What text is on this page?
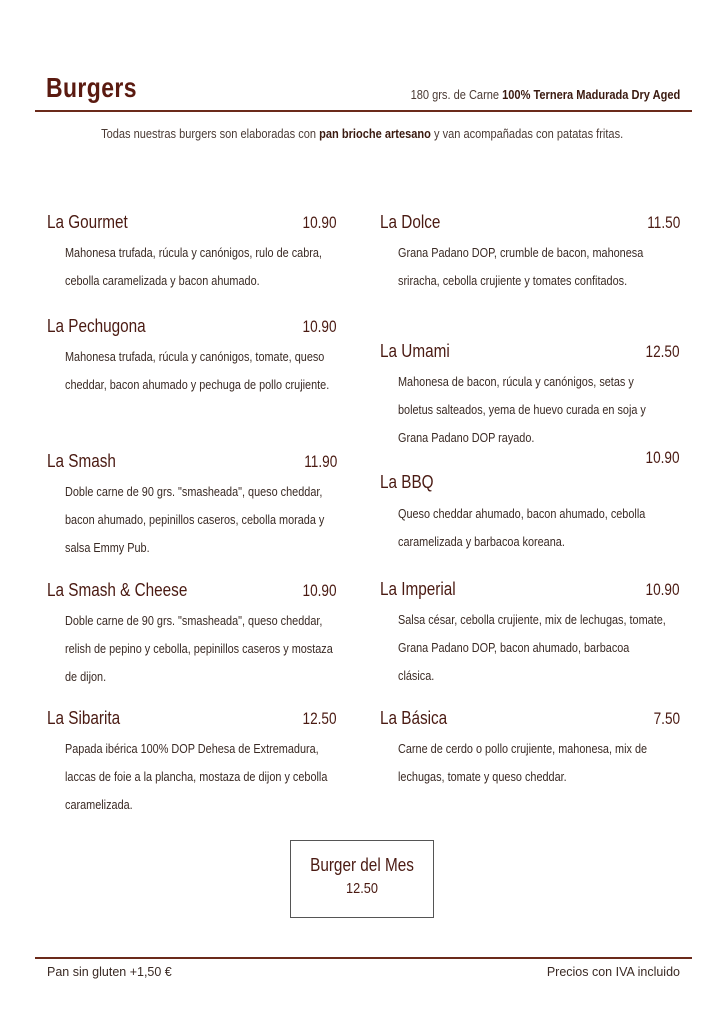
Burgers	180 grs. de Carne 100% Ternera Madurada Dry Aged
Todas nuestras burgers son elaboradas con pan brioche artesano y van acompañadas con patatas fritas.
La Gourmet	10.90
Mahonesa trufada, rúcula y canónigos, rulo de cabra, cebolla caramelizada y bacon ahumado.
La Pechugona	10.90
Mahonesa trufada, rúcula y canónigos, tomate, queso cheddar, bacon ahumado y pechuga de pollo crujiente.
La Smash	11.90
Doble carne de 90 grs. "smasheada", queso cheddar, bacon ahumado, pepinillos caseros, cebolla morada y salsa Emmy Pub.
La Smash & Cheese	10.90
Doble carne de 90 grs. "smasheada", queso cheddar, relish de pepino y cebolla, pepinillos caseros y mostaza de dijon.
La Sibarita	12.50
Papada ibérica 100% DOP Dehesa de Extremadura, laccas de foie a la plancha, mostaza de dijon y cebolla caramelizada.
La Dolce	11.50
Grana Padano DOP, crumble de bacon, mahonesa sriracha, cebolla crujiente y tomates confitados.
La Umami	12.50
Mahonesa de bacon, rúcula y canónigos, setas y boletus salteados, yema de huevo curada en soja y Grana Padano DOP rayado.
La BBQ
10.90
Queso cheddar ahumado, bacon ahumado, cebolla caramelizada y barbacoa koreana.
La Imperial	10.90
Salsa césar, cebolla crujiente, mix de lechugas, tomate, Grana Padano DOP, bacon ahumado, barbacoa clásica.
La Básica	7.50
Carne de cerdo o pollo crujiente, mahonesa, mix de lechugas, tomate y queso cheddar.
Burger del Mes
12.50
Pan sin gluten +1,50 €	Precios con IVA incluido
